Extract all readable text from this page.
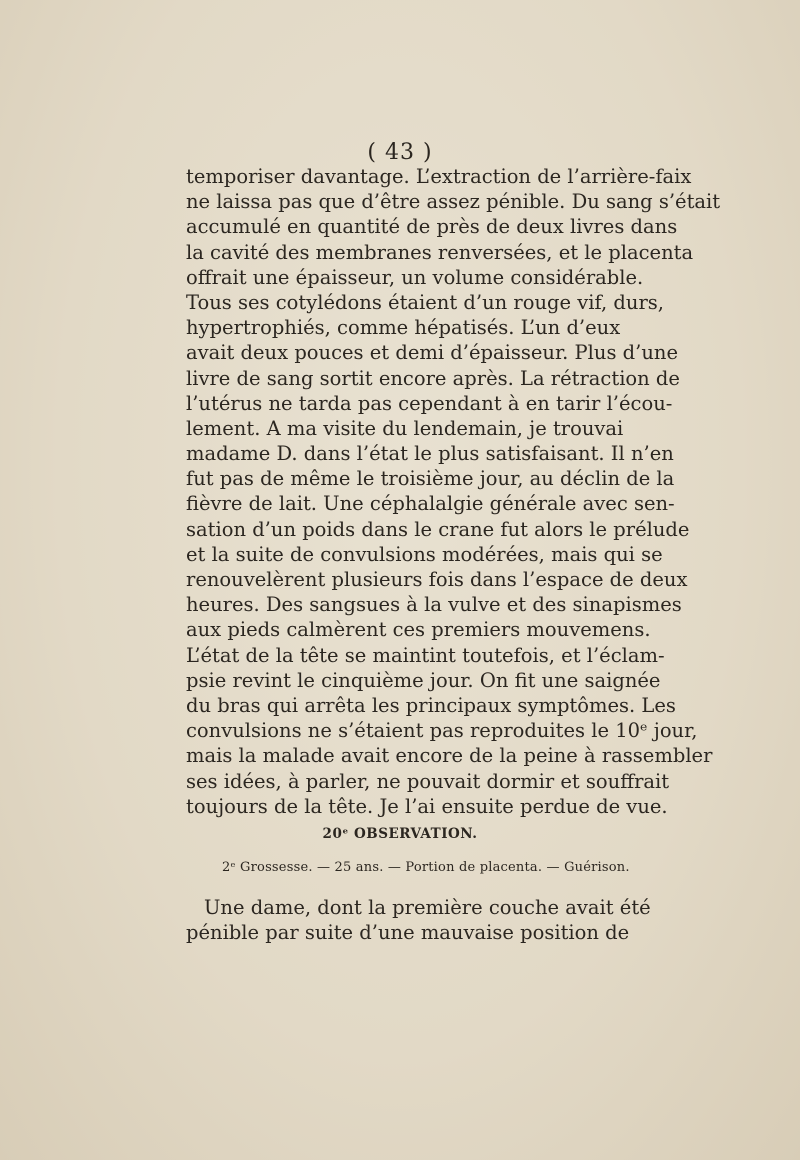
( 43 )
temporiser davantage. L’extraction de l’arrière-faix
ne laissa pas que d’être assez pénible. Du sang s’était
accumulé en quantité de près de deux livres dans
la cavité des membranes renversées, et le placenta
offrait une épaisseur, un volume considérable.
Tous ses cotylédons étaient d’un rouge vif, durs,
hypertrophiés, comme hépatisés. L’un d’eux
avait deux pouces et demi d’épaisseur. Plus d’une
livre de sang sortit encore après. La rétraction de
l’utérus ne tarda pas cependant à en tarir l’écou-
lement. A ma visite du lendemain, je trouvai
madame D. dans l’état le plus satisfaisant. Il n’en
fut pas de même le troisième jour, au déclin de la
fièvre de lait. Une céphalalgie générale avec sen-
sation d’un poids dans le crane fut alors le prélude
et la suite de convulsions modérées, mais qui se
renouvelèrent plusieurs fois dans l’espace de deux
heures. Des sangsues à la vulve et des sinapismes
aux pieds calmèrent ces premiers mouvemens.
L’état de la tête se maintint toutefois, et l’éclam-
psie revint le cinquième jour. On fit une saignée
du bras qui arrêta les principaux symptômes. Les
convulsions ne s’étaient pas reproduites le 10ᵉ jour,
mais la malade avait encore de la peine à rassembler
ses idées, à parler, ne pouvait dormir et souffrait
toujours de la tête. Je l’ai ensuite perdue de vue.
20ᵉ OBSERVATION.
2ᵉ Grossesse. — 25 ans. — Portion de placenta. — Guérison.
Une dame, dont la première couche avait été
pénible par suite d’une mauvaise position de
